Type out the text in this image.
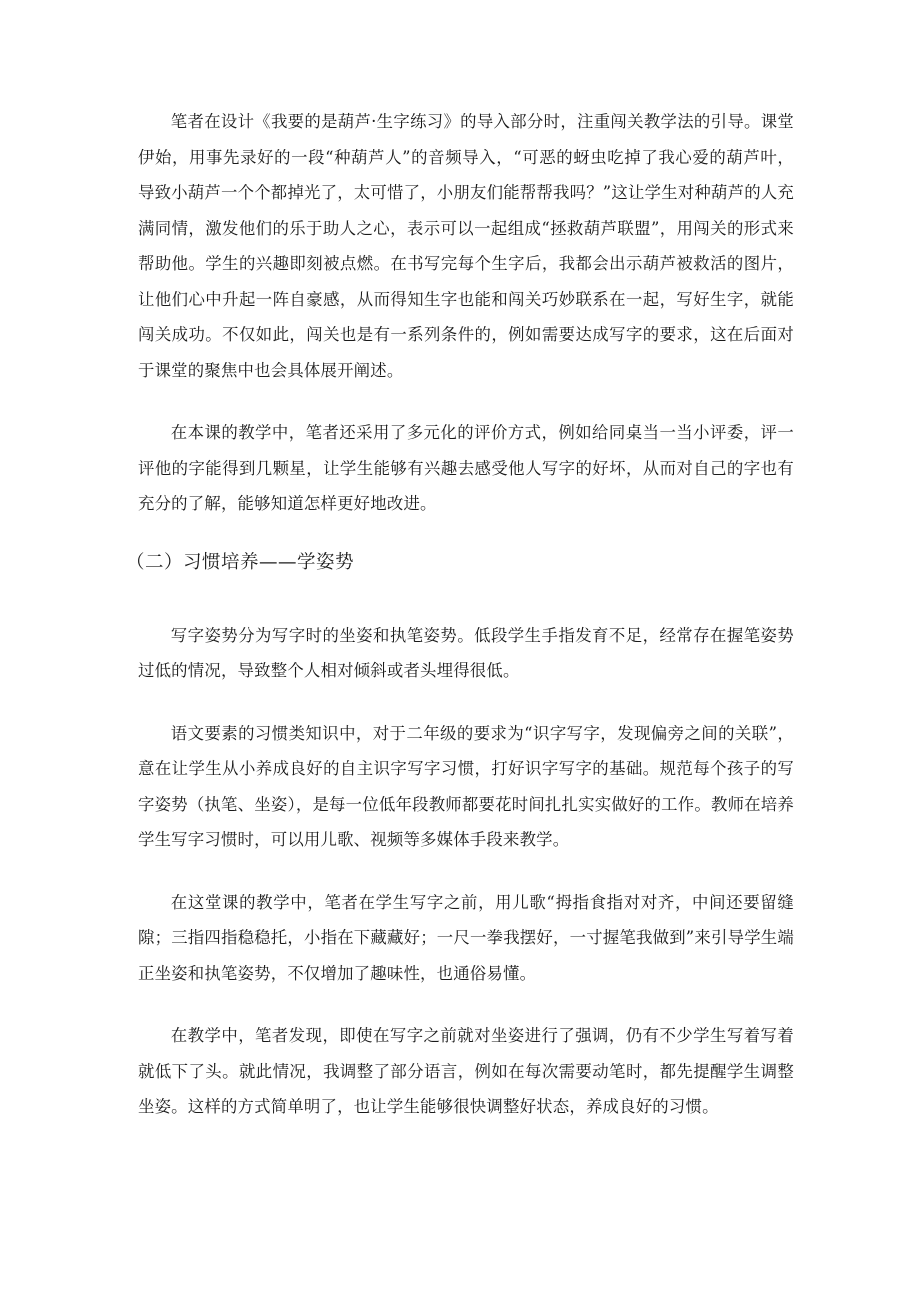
笔者在设计《我要的是葫芦·生字练习》的导入部分时，注重闯关教学法的引导。课堂伊始，用事先录好的一段“种葫芦人”的音频导入，“可恶的蚜虫吃掉了我心爱的葫芦叶，导致小葫芦一个个都掉光了，太可惜了，小朋友们能帮帮我吗？”这让学生对种葫芦的人充满同情，激发他们的乐于助人之心，表示可以一起组成“拯救葫芦联盟”，用闯关的形式来帮助他。学生的兴趣即刻被点燃。在书写完每个生字后，我都会出示葫芦被救活的图片，让他们心中升起一阵自豪感，从而得知生字也能和闯关巧妙联系在一起，写好生字，就能闯关成功。不仅如此，闯关也是有一系列条件的，例如需要达成写字的要求，这在后面对于课堂的聚焦中也会具体展开阐述。

在本课的教学中，笔者还采用了多元化的评价方式，例如给同桌当一当小评委，评一评他的字能得到几颗星，让学生能够有兴趣去感受他人写字的好坏，从而对自己的字也有充分的了解，能够知道怎样更好地改进。

（二）习惯培养——学姿势

写字姿势分为写字时的坐姿和执笔姿势。低段学生手指发育不足，经常存在握笔姿势过低的情况，导致整个人相对倾斜或者头埋得很低。

语文要素的习惯类知识中，对于二年级的要求为“识字写字，发现偏旁之间的关联”，意在让学生从小养成良好的自主识字写字习惯，打好识字写字的基础。规范每个孩子的写字姿势（执笔、坐姿），是每一位低年段教师都要花时间扎扎实实做好的工作。教师在培养学生写字习惯时，可以用儿歌、视频等多媒体手段来教学。

在这堂课的教学中，笔者在学生写字之前，用儿歌“拇指食指对对齐，中间还要留缝隙；三指四指稳稳托，小指在下藏藏好；一尺一拳我摆好，一寸握笔我做到”来引导学生端正坐姿和执笔姿势，不仅增加了趣味性，也通俗易懂。

在教学中，笔者发现，即使在写字之前就对坐姿进行了强调，仍有不少学生写着写着就低下了头。就此情况，我调整了部分语言，例如在每次需要动笔时，都先提醒学生调整坐姿。这样的方式简单明了，也让学生能够很快调整好状态，养成良好的习惯。
